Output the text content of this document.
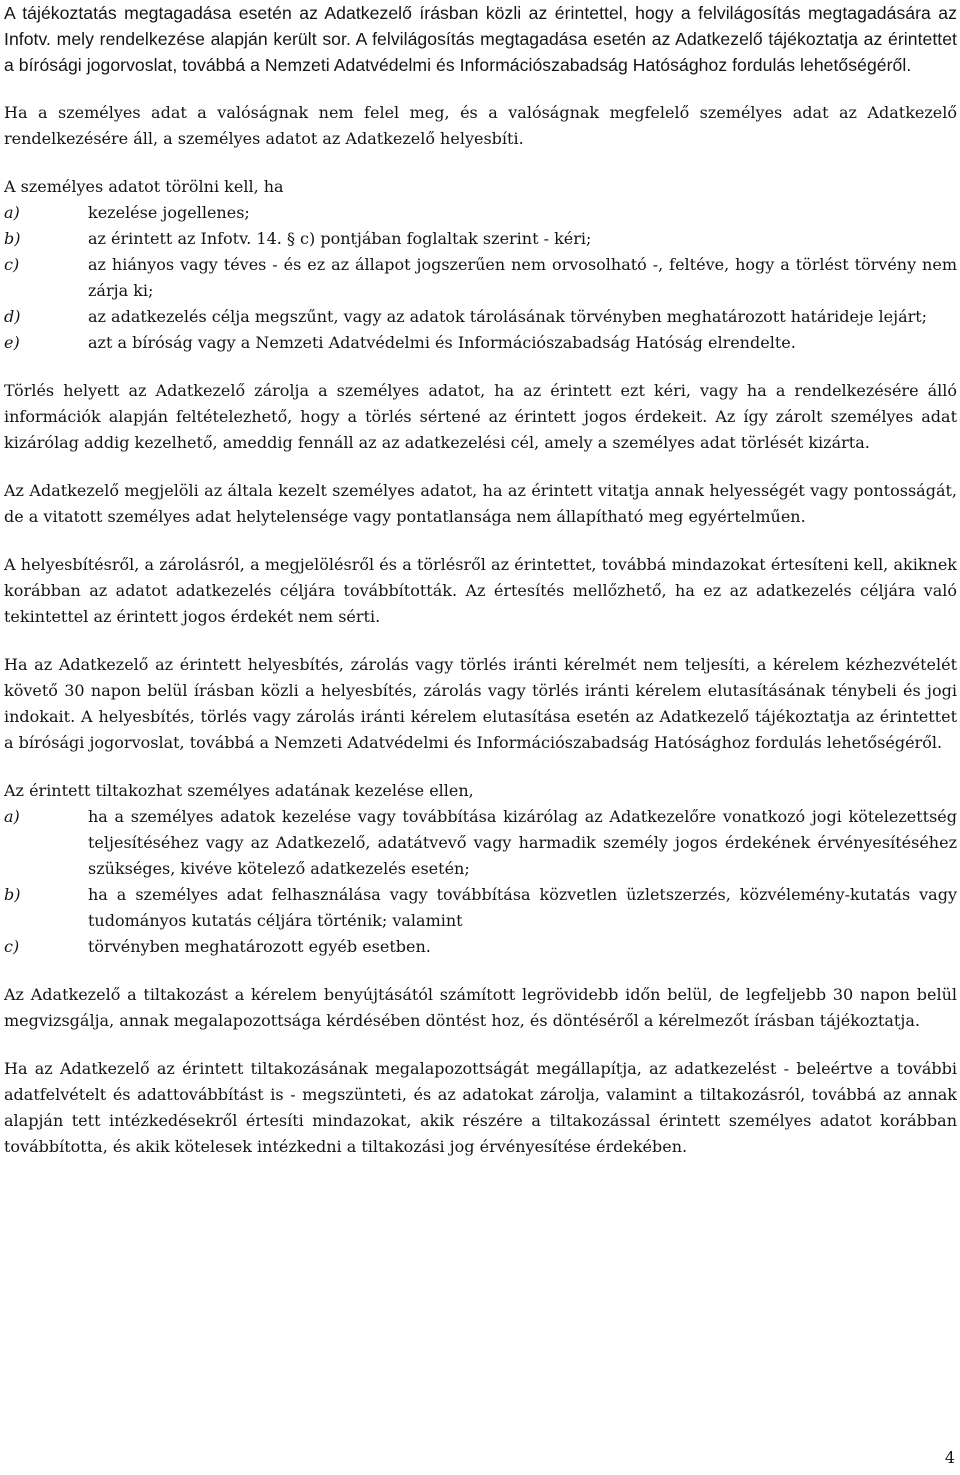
A tájékoztatás megtagadása esetén az Adatkezelő írásban közli az érintettel, hogy a felvilágosítás megtagadására az Infotv. mely rendelkezése alapján került sor. A felvilágosítás megtagadása esetén az Adatkezelő tájékoztatja az érintettet a bírósági jogorvoslat, továbbá a Nemzeti Adatvédelmi és Információszabadság Hatósághoz fordulás lehetőségéről.

Ha a személyes adat a valóságnak nem felel meg, és a valóságnak megfelelő személyes adat az Adatkezelő rendelkezésére áll, a személyes adatot az Adatkezelő helyesbíti.

A személyes adatot törölni kell, ha

a)	kezelése jogellenes;
b)	az érintett az Infotv. 14. § c) pontjában foglaltak szerint - kéri;
c)	az hiányos vagy téves - és ez az állapot jogszerűen nem orvosolható -, feltéve, hogy a törlést törvény nem zárja ki;
d)	az adatkezelés célja megszűnt, vagy az adatok tárolásának törvényben meghatározott határideje lejárt;
e)	azt a bíróság vagy a Nemzeti Adatvédelmi és Információszabadság Hatóság elrendelte.

Törlés helyett az Adatkezelő zárolja a személyes adatot, ha az érintett ezt kéri, vagy ha a rendelkezésére álló információk alapján feltételezhető, hogy a törlés sértené az érintett jogos érdekeit. Az így zárolt személyes adat kizárólag addig kezelhető, ameddig fennáll az az adatkezelési cél, amely a személyes adat törlését kizárta.

Az Adatkezelő megjelöli az általa kezelt személyes adatot, ha az érintett vitatja annak helyességét vagy pontosságát, de a vitatott személyes adat helytelensége vagy pontatlansága nem állapítható meg egyértelműen.

A helyesbítésről, a zárolásról, a megjelölésről és a törlésről az érintettet, továbbá mindazokat értesíteni kell, akiknek korábban az adatot adatkezelés céljára továbbították. Az értesítés mellőzhető, ha ez az adatkezelés céljára való tekintettel az érintett jogos érdekét nem sérti.

Ha az Adatkezelő az érintett helyesbítés, zárolás vagy törlés iránti kérelmét nem teljesíti, a kérelem kézhezvételét követő 30 napon belül írásban közli a helyesbítés, zárolás vagy törlés iránti kérelem elutasításának ténybeli és jogi indokait. A helyesbítés, törlés vagy zárolás iránti kérelem elutasítása esetén az Adatkezelő tájékoztatja az érintettet a bírósági jogorvoslat, továbbá a Nemzeti Adatvédelmi és Információszabadság Hatósághoz fordulás lehetőségéről.

Az érintett tiltakozhat személyes adatának kezelése ellen,

a)	ha a személyes adatok kezelése vagy továbbítása kizárólag az Adatkezelőre vonatkozó jogi kötelezettség teljesítéséhez vagy az Adatkezelő, adatátvevő vagy harmadik személy jogos érdekének érvényesítéséhez szükséges, kivéve kötelező adatkezelés esetén;
b)	ha a személyes adat felhasználása vagy továbbítása közvetlen üzletszerzés, közvélemény-kutatás vagy tudományos kutatás céljára történik; valamint
c)	törvényben meghatározott egyéb esetben.

Az Adatkezelő a tiltakozást a kérelem benyújtásától számított legrövidebb időn belül, de legfeljebb 30 napon belül megvizsgálja, annak megalapozottsága kérdésében döntést hoz, és döntéséről a kérelmezőt írásban tájékoztatja.

Ha az Adatkezelő az érintett tiltakozásának megalapozottságát megállapítja, az adatkezelést - beleértve a további adatfelvételt és adattovábbítást is - megszünteti, és az adatokat zárolja, valamint a tiltakozásról, továbbá az annak alapján tett intézkedésekről értesíti mindazokat, akik részére a tiltakozással érintett személyes adatot korábban továbbította, és akik kötelesek intézkedni a tiltakozási jog érvényesítése érdekében.

4
